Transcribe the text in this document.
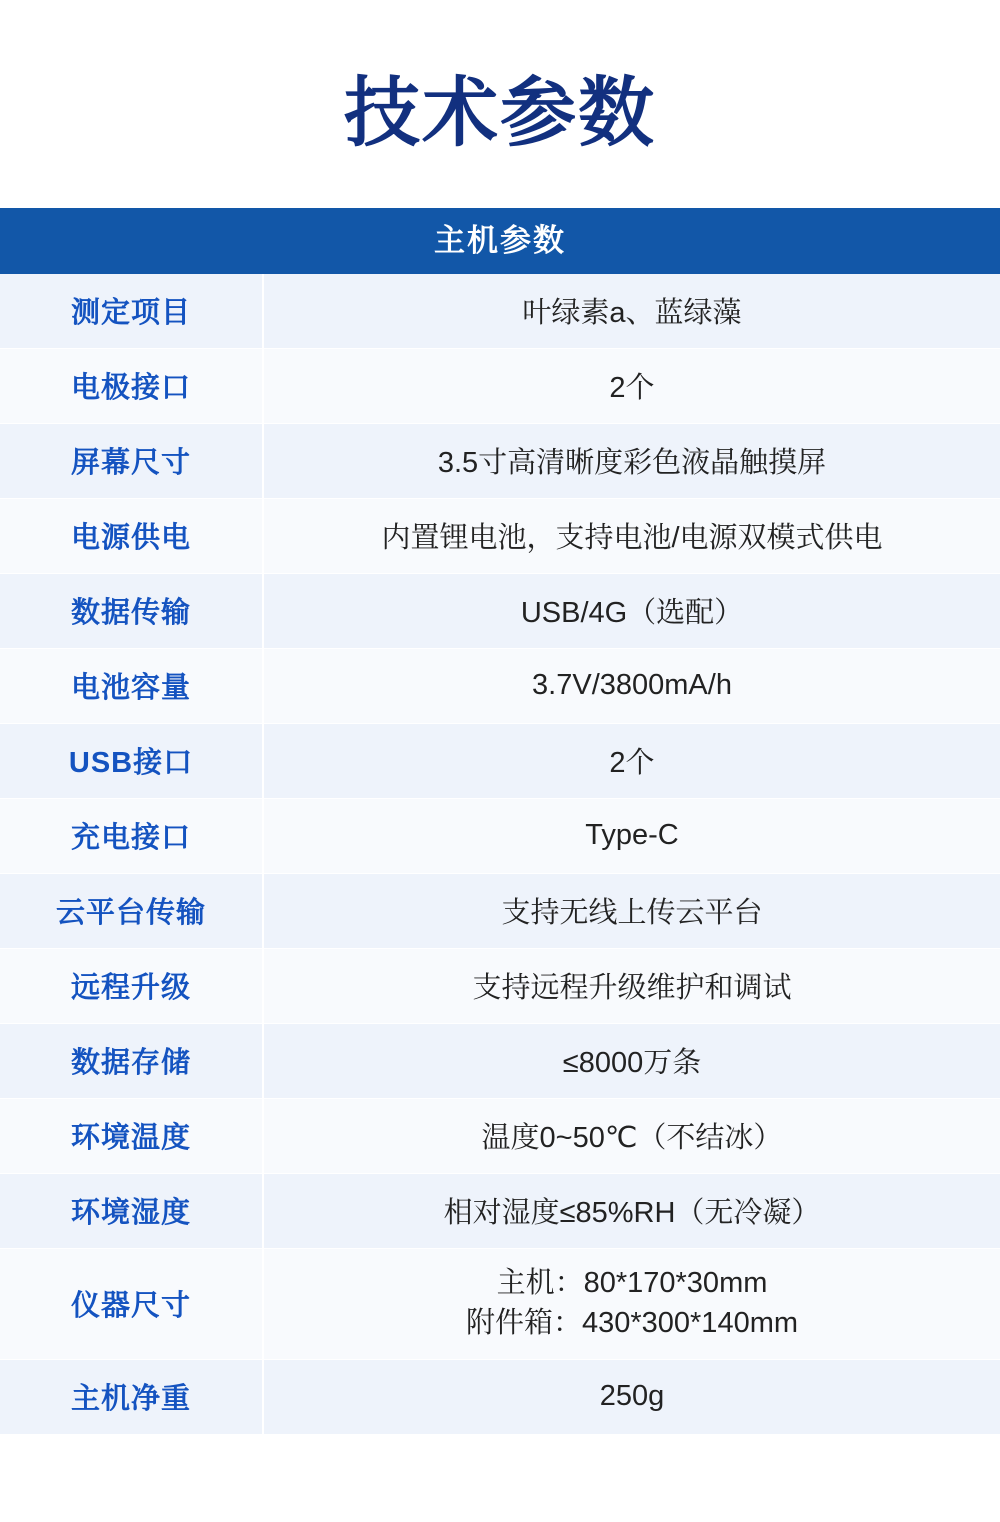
技术参数
主机参数
测定项目	叶绿素a、蓝绿藻
电极接口	2个
屏幕尺寸	3.5寸高清晰度彩色液晶触摸屏
电源供电	内置锂电池，支持电池/电源双模式供电
数据传输	USB/4G（选配）
电池容量	3.7V/3800mA/h
USB接口	2个
充电接口	Type-C
云平台传输	支持无线上传云平台
远程升级	支持远程升级维护和调试
数据存储	≤8000万条
环境温度	温度0~50℃（不结冰）
环境湿度	相对湿度≤85%RH（无冷凝）
仪器尺寸	主机：80*170*30mm
附件箱：430*300*140mm

主机净重	250g
